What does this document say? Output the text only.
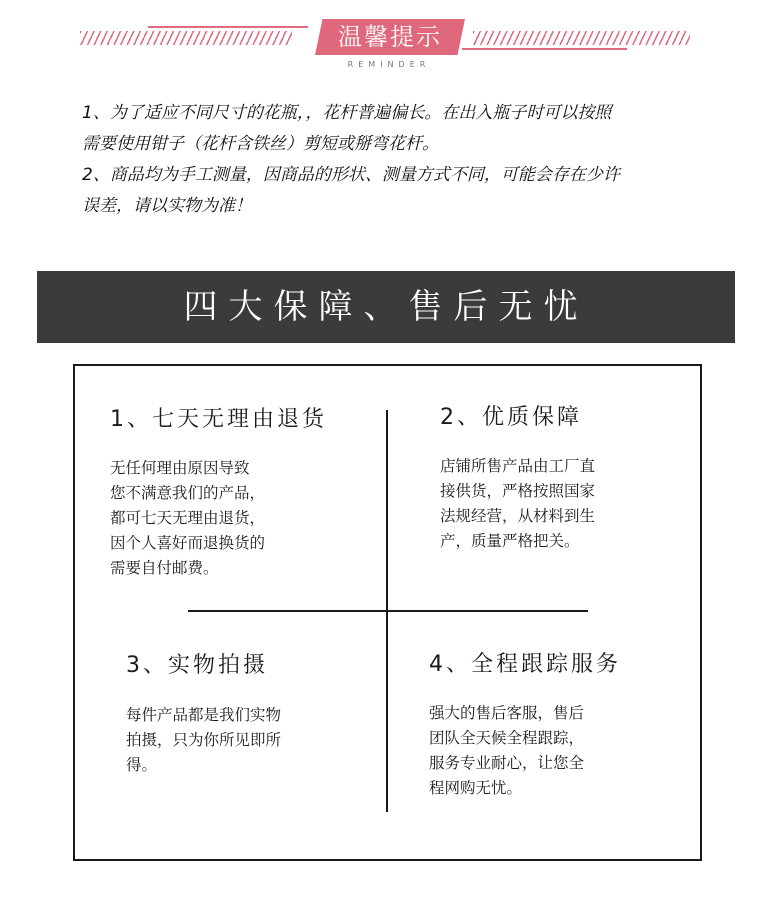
温馨提示
REMINDER

1、为了适应不同尺寸的花瓶，，花杆普遍偏长。在出入瓶子时可以按照

需要使用钳子（花杆含铁丝）剪短或掰弯花杆。

2、商品均为手工测量，因商品的形状、测量方式不同，可能会存在少许

误差，请以实物为准！

四大保障、售后无忧
1、七天无理由退货

无任何理由原因导致

您不满意我们的产品，

都可七天无理由退货，

因个人喜好而退换货的

需要自付邮费。

2、优质保障

店铺所售产品由工厂直

接供货，严格按照国家

法规经营，从材料到生

产，质量严格把关。

3、实物拍摄

每件产品都是我们实物

拍摄，只为你所见即所

得。

4、全程跟踪服务

强大的售后客服，售后

团队全天候全程跟踪，

服务专业耐心，让您全

程网购无忧。
